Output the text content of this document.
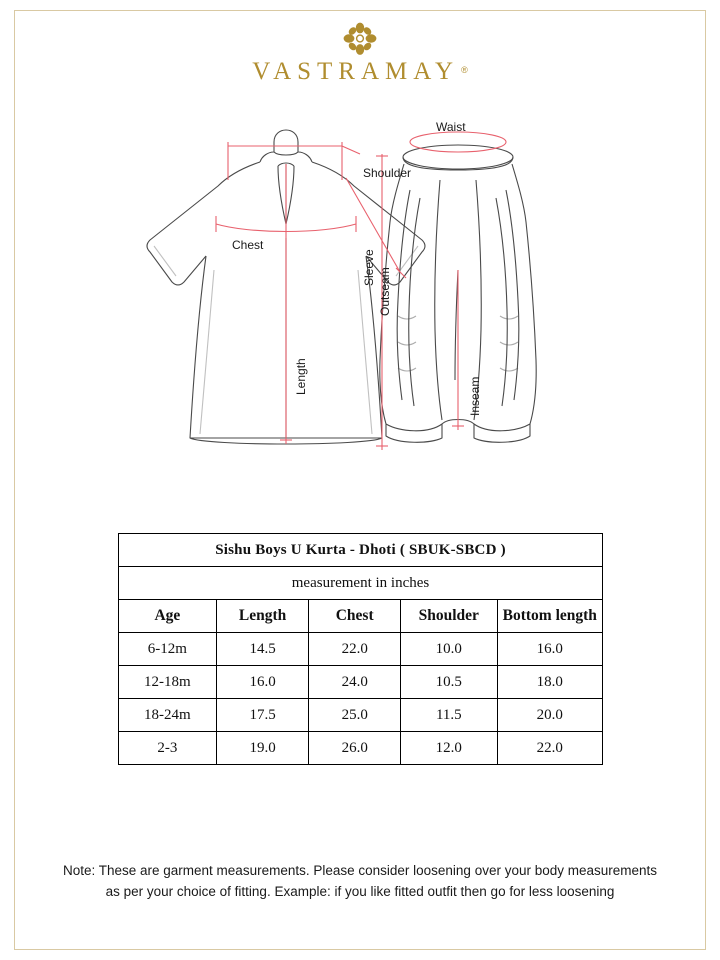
VASTRAMAY ®
Shoulder
Chest
Sleeve
Length
Waist
Outseam
Inseam
Sishu Boys U Kurta - Dhoti ( SBUK-SBCD )				
measurement in inches				
Age	Length	Chest	Shoulder	Bottom length
6-12m	14.5	22.0	10.0	16.0
12-18m	16.0	24.0	10.5	18.0
18-24m	17.5	25.0	11.5	20.0
2-3	19.0	26.0	12.0	22.0
Note: These are garment measurements. Please consider loosening over your body measurements
as per your choice of fitting. Example: if you like fitted outfit then go for less loosening
